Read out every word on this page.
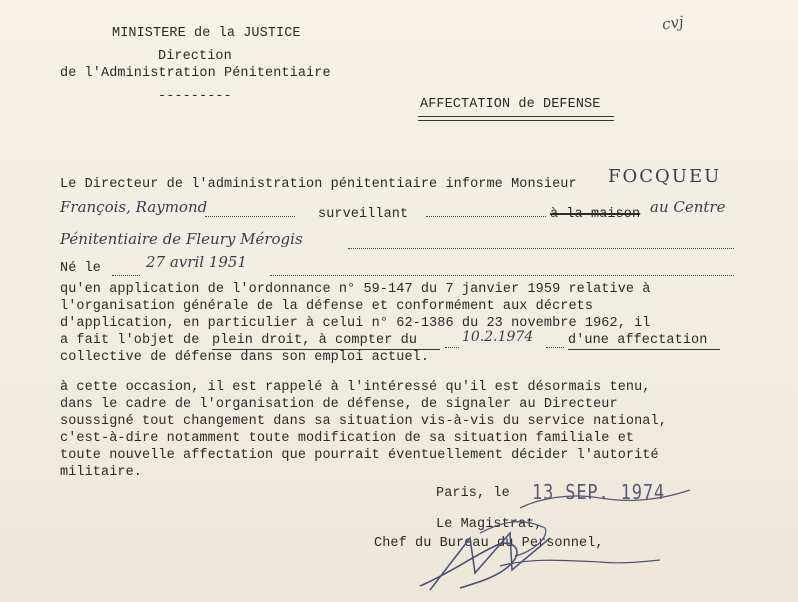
cvj
MINISTERE de la JUSTICE
Direction
de l'Administration Pénitentiaire
---------
AFFECTATION de DEFENSE
Le Directeur de l'administration pénitentiaire informe Monsieur FOCQUEU
François, Raymond	surveillant	à la maison au Centre
Pénitentiaire de Fleury Mérogis
Né le	27 avril 1951
qu'en application de l'ordonnance n° 59-147 du 7 janvier 1959 relative à
l'organisation générale de la défense et conformément aux décrets
d'application, en particulier à celui n° 62-1386 du 23 novembre 1962, il
a fait l'objet de plein droit, à compter du	10.2.1974	d'une affectation
collective de défense dans son emploi actuel.
à cette occasion, il est rappelé à l'intéressé qu'il est désormais tenu,
dans le cadre de l'organisation de défense, de signaler au Directeur
soussigné tout changement dans sa situation vis-à-vis du service national,
c'est-à-dire notamment toute modification de sa situation familiale et
toute nouvelle affectation que pourrait éventuellement décider l'autorité
militaire.
Paris, le 13 SEP. 1974
Le Magistrat,
Chef du Bureau du Personnel,
